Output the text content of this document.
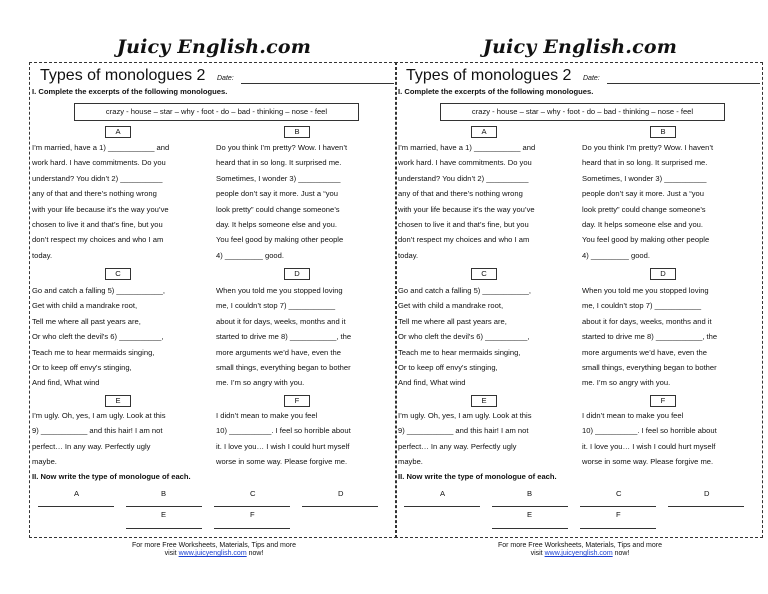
Juicy English.com
Types of monologues 2 Date:
I. Complete the excerpts of the following monologues.
crazy - house – star – why - foot - do – bad - thinking – nose - feel
A	B
I’m married, have a 1) ___________ and
work hard. I have commitments. Do you
understand? You didn’t 2) __________
any of that and there’s nothing wrong
with your life because it’s the way you’ve
chosen to live it and that’s fine, but you
don’t respect my choices and who I am
today.
Do you think I’m pretty? Wow. I haven’t
heard that in so long. It surprised me.
Sometimes, I wonder 3) __________
people don’t say it more. Just a “you
look pretty” could change someone’s
day. It helps someone else and you.
You feel good by making other people
4) _________ good.
C	D
Go and catch a falling 5) ___________,
Get with child a mandrake root,
Tell me where all past years are,
Or who cleft the devil's 6) __________,
Teach me to hear mermaids singing,
Or to keep off envy's stinging,
And find, What wind
When you told me you stopped loving
me, I couldn’t stop 7) ___________
about it for days, weeks, months and it
started to drive me 8) ___________, the
more arguments we’d have, even the
small things, everything began to bother
me. I’m so angry with you.
E	F
I’m ugly. Oh, yes, I am ugly. Look at this
9) ___________ and this hair! I am not
perfect… In any way. Perfectly ugly
maybe.
I didn’t mean to make you feel
10) __________. I feel so horrible about
it. I love you… I wish I could hurt myself
worse in some way. Please forgive me.
II. Now write the type of monologue of each.
A	B	C	D
E	F
For more Free Worksheets, Materials, Tips and more
visit www.juicyenglish.com now!
Juicy English.com
Types of monologues 2 Date:
I. Complete the excerpts of the following monologues.
crazy - house – star – why - foot - do – bad - thinking – nose - feel
A	B
I’m married, have a 1) ___________ and
work hard. I have commitments. Do you
understand? You didn’t 2) __________
any of that and there’s nothing wrong
with your life because it’s the way you’ve
chosen to live it and that’s fine, but you
don’t respect my choices and who I am
today.
Do you think I’m pretty? Wow. I haven’t
heard that in so long. It surprised me.
Sometimes, I wonder 3) __________
people don’t say it more. Just a “you
look pretty” could change someone’s
day. It helps someone else and you.
You feel good by making other people
4) _________ good.
C	D
Go and catch a falling 5) ___________,
Get with child a mandrake root,
Tell me where all past years are,
Or who cleft the devil's 6) __________,
Teach me to hear mermaids singing,
Or to keep off envy's stinging,
And find, What wind
When you told me you stopped loving
me, I couldn’t stop 7) ___________
about it for days, weeks, months and it
started to drive me 8) ___________, the
more arguments we’d have, even the
small things, everything began to bother
me. I’m so angry with you.
E	F
I’m ugly. Oh, yes, I am ugly. Look at this
9) ___________ and this hair! I am not
perfect… In any way. Perfectly ugly
maybe.
I didn’t mean to make you feel
10) __________. I feel so horrible about
it. I love you… I wish I could hurt myself
worse in some way. Please forgive me.
II. Now write the type of monologue of each.
A	B	C	D
E	F
For more Free Worksheets, Materials, Tips and more
visit www.juicyenglish.com now!
